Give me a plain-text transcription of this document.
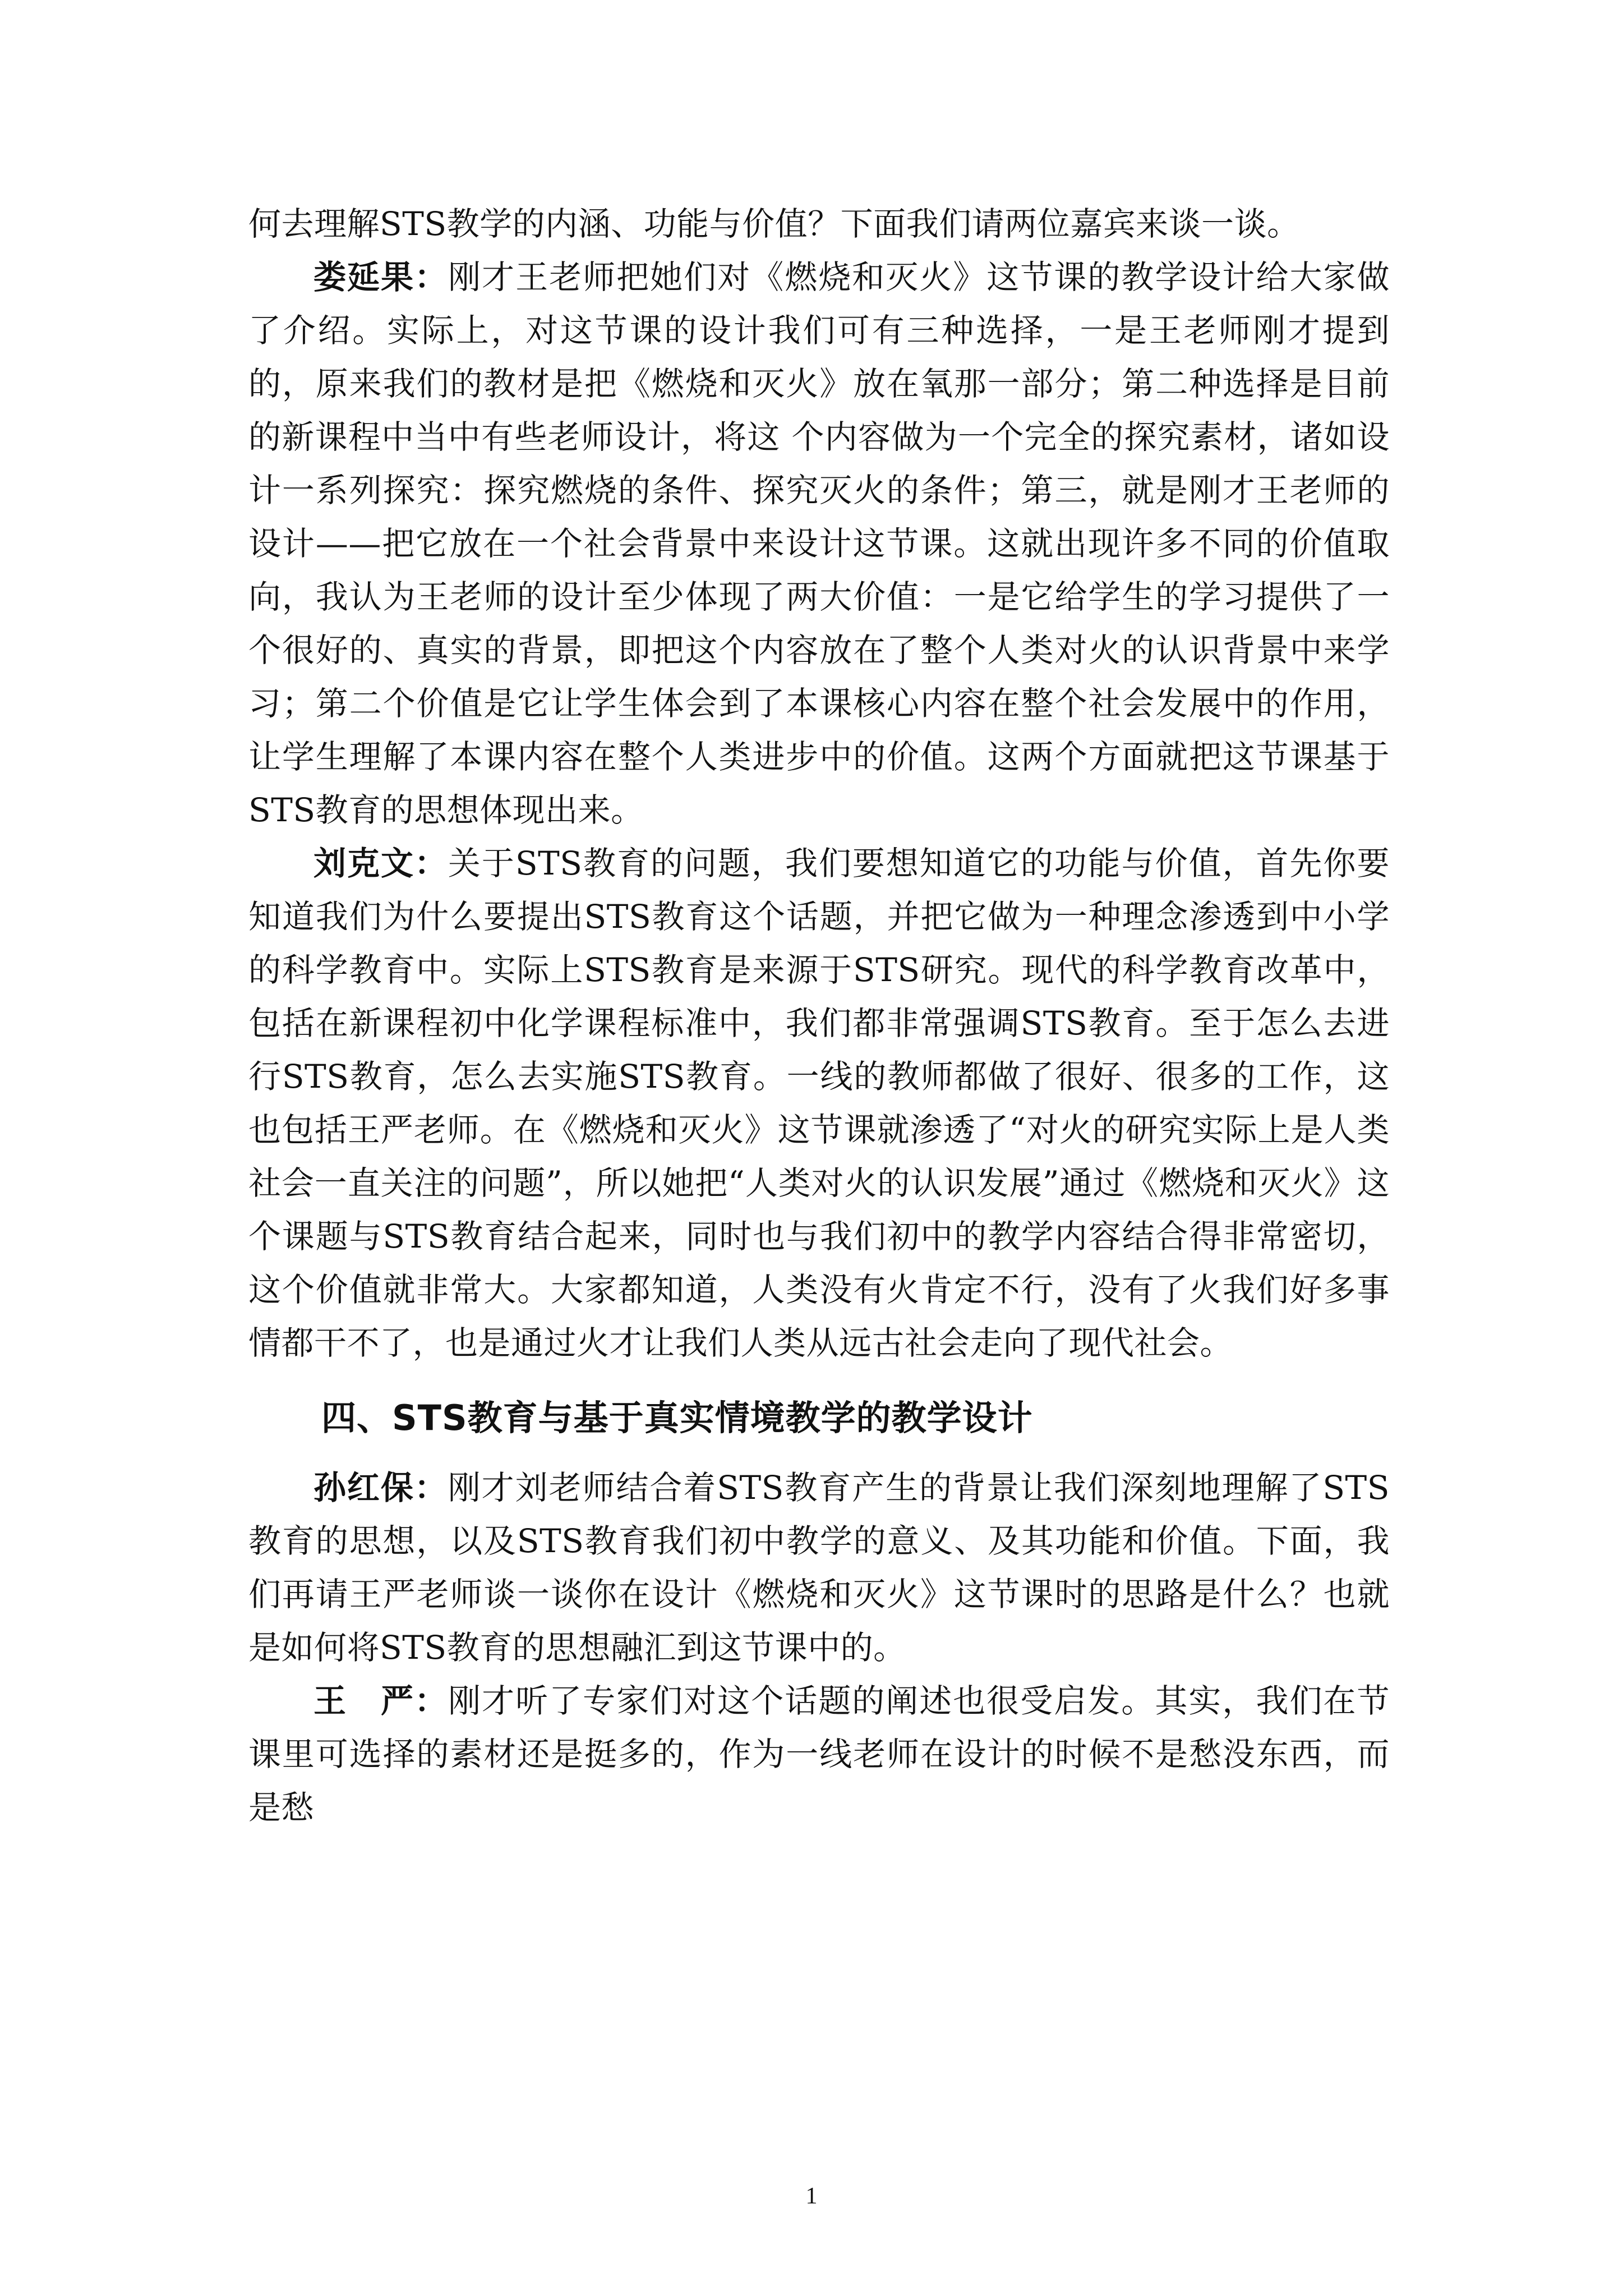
何去理解STS教学的内涵、功能与价值？下面我们请两位嘉宾来谈一谈。

娄延果：刚才王老师把她们对《燃烧和灭火》这节课的教学设计给大家做了介绍。实际上，对这节课的设计我们可有三种选择，一是王老师刚才提到的，原来我们的教材是把《燃烧和灭火》放在氧那一部分；第二种选择是目前的新课程中当中有些老师设计，将这 个内容做为一个完全的探究素材，诸如设计一系列探究：探究燃烧的条件、探究灭火的条件；第三，就是刚才王老师的设计——把它放在一个社会背景中来设计这节课。这就出现许多不同的价值取向，我认为王老师的设计至少体现了两大价值：一是它给学生的学习提供了一个很好的、真实的背景，即把这个内容放在了整个人类对火的认识背景中来学习；第二个价值是它让学生体会到了本课核心内容在整个社会发展中的作用，让学生理解了本课内容在整个人类进步中的价值。这两个方面就把这节课基于STS教育的思想体现出来。

刘克文：关于STS教育的问题，我们要想知道它的功能与价值，首先你要知道我们为什么要提出STS教育这个话题，并把它做为一种理念渗透到中小学的科学教育中。实际上STS教育是来源于STS研究。现代的科学教育改革中，包括在新课程初中化学课程标准中，我们都非常强调STS教育。至于怎么去进行STS教育，怎么去实施STS教育。一线的教师都做了很好、很多的工作，这也包括王严老师。在《燃烧和灭火》这节课就渗透了“对火的研究实际上是人类社会一直关注的问题”，所以她把“人类对火的认识发展”通过《燃烧和灭火》这个课题与STS教育结合起来，同时也与我们初中的教学内容结合得非常密切，这个价值就非常大。大家都知道，人类没有火肯定不行，没有了火我们好多事情都干不了，也是通过火才让我们人类从远古社会走向了现代社会。

四、STS教育与基于真实情境教学的教学设计

孙红保：刚才刘老师结合着STS教育产生的背景让我们深刻地理解了STS教育的思想，以及STS教育我们初中教学的意义、及其功能和价值。下面，我们再请王严老师谈一谈你在设计《燃烧和灭火》这节课时的思路是什么？也就是如何将STS教育的思想融汇到这节课中的。

王　严：刚才听了专家们对这个话题的阐述也很受启发。其实，我们在节课里可选择的素材还是挺多的，作为一线老师在设计的时候不是愁没东西，而是愁

1
